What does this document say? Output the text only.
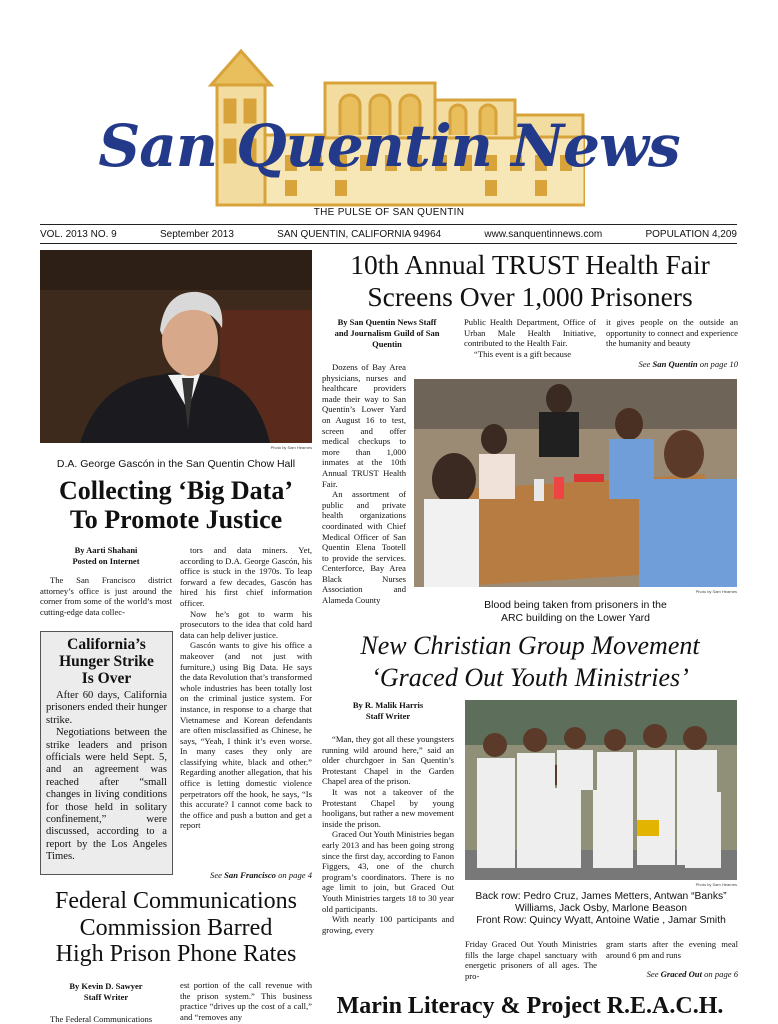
San Quentin News
THE PULSE OF SAN QUENTIN
VOL. 2013 NO. 9	September 2013	SAN QUENTIN, CALIFORNIA 94964	www.sanquentinnews.com	POPULATION 4,209
Photo by Sam Hearnes
D.A. George Gascón in the San Quentin Chow Hall
Collecting ‘Big Data’
To Promote Justice
By Aarti Shahani
Posted on Internet

The San Francisco district attorney’s office is just around the corner from some of the world’s most cutting-edge data collec-

tors and data miners. Yet, according to D.A. George Gascón, his office is stuck in the 1970s. To leap forward a few decades, Gascón has hired his first chief information officer.

Now he’s got to warm his prosecutors to the idea that cold hard data can help deliver justice.

Gascón wants to give his office a makeover (and not just with furniture,) using Big Data. He says the data Revolution that’s transformed whole industries has been totally lost on the criminal justice system. For instance, in response to a charge that Vietnamese and Korean defendants are often misclassified as Chinese, he says, “Yeah, I think it’s even worse. In many cases they only are classifying white, black and other.” Regarding another allegation, that his office is letting domestic violence perpetrators off the hook, he says, “Is this accurate? I cannot come back to the office and push a button and get a report

See San Francisco on page 4
California’s
Hunger Strike
Is Over

After 60 days, California prisoners ended their hunger strike.

Negotiations between the strike leaders and prison officials were held Sept. 5, and an agreement was reached after “small changes in living conditions for those held in solitary confinement,” were discussed, according to a report by the Los Angeles Times.

Federal Communications
Commission Barred
High Prison Phone Rates
By Kevin D. Sawyer
Staff Writer

The Federal Communications

est portion of the call revenue with the prison system.” This business practice “drives up the cost of a call,” and “removes any
10th Annual TRUST Health Fair
Screens Over 1,000 Prisoners
By San Quentin News Staff
and Journalism Guild of San
Quentin

Dozens of Bay Area physicians, nurses and healthcare providers made their way to San Quentin’s Lower Yard on August 16 to test, screen and offer medical checkups to more than 1,000 inmates at the 10th Annual TRUST Health Fair.

An assortment of public and private health organizations coordinated with Chief Medical Officer of San Quentin Elena Tootell to provide the services. Centerforce, Bay Area Black Nurses Association and Alameda County

Public Health Department, Office of Urban Male Health Initiative, contributed to the Health Fair.

“This event is a gift because

it gives people on the outside an opportunity to connect and experience the humanity and beauty
See San Quentin on page 10
Photo by Sam Hearnes
Blood being taken from prisoners in the
ARC building on the Lower Yard
New Christian Group Movement
‘Graced Out Youth Ministries’
By R. Malik Harris
Staff Writer

“Man, they got all these youngsters running wild around here,” said an older churchgoer in San Quentin’s Protestant Chapel in the Garden Chapel area of the prison.

It was not a takeover of the Protestant Chapel by young hooligans, but rather a new movement inside the prison.

Graced Out Youth Ministries began early 2013 and has been going strong since the first day, according to Fanon Figgers, 43, one of the church program’s coordinators. There is no age limit to join, but Graced Out Youth Ministries targets 18 to 30 year old participants.

With nearly 100 participants and growing, every

Photo by Sam Hearnes
Back row: Pedro Cruz, James Metters, Antwan “Banks”
Williams, Jack Osby, Marlone Beason
Front Row: Quincy Wyatt, Antoine Watie , Jamar Smith
Friday Graced Out Youth Ministries fills the large chapel sanctuary with energetic prisoners of all ages. The pro-
gram starts after the evening meal around 6 pm and runs
See Graced Out on page 6
Marin Literacy & Project R.E.A.C.H.
